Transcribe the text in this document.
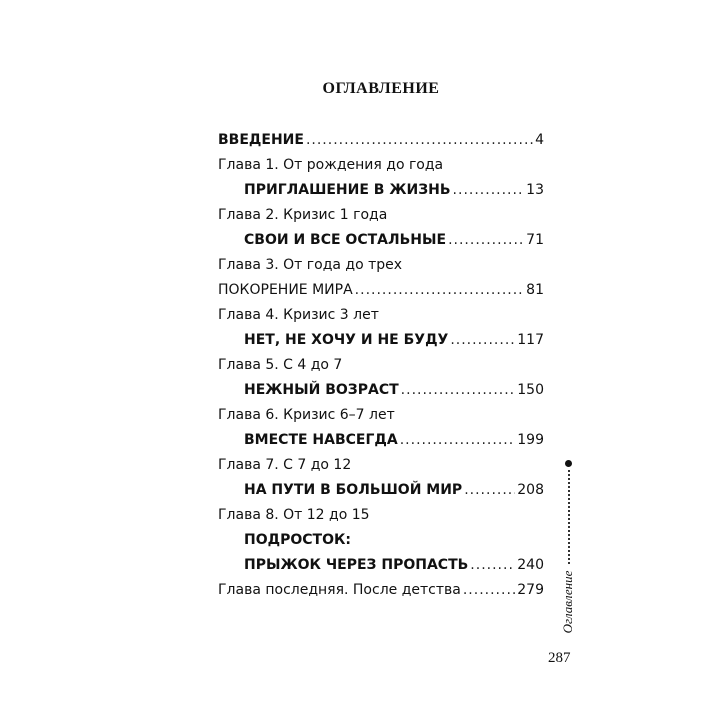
ОГЛАВЛЕНИЕ
ВВЕДЕНИЕ .....	4
Глава 1. От рождения до года
ПРИГЛАШЕНИЕ В ЖИЗНЬ .....	13
Глава 2. Кризис 1 года
СВОИ И ВСЕ ОСТАЛЬНЫЕ .....	71
Глава 3. От года до трех
ПОКОРЕНИЕ МИРА .....	81
Глава 4. Кризис 3 лет
НЕТ, НЕ ХОЧУ И НЕ БУДУ .....	117
Глава 5. С 4 до 7
НЕЖНЫЙ ВОЗРАСТ .....	150
Глава 6. Кризис 6–7 лет
ВМЕСТЕ НАВСЕГДА .....	199
Глава 7. С 7 до 12
НА ПУТИ В БОЛЬШОЙ МИР .....	208
Глава 8. От 12 до 15
ПОДРОСТОК:
ПРЫЖОК ЧЕРЕЗ ПРОПАСТЬ .....	240
Глава последняя. После детства .....	279 Оглавление
287
